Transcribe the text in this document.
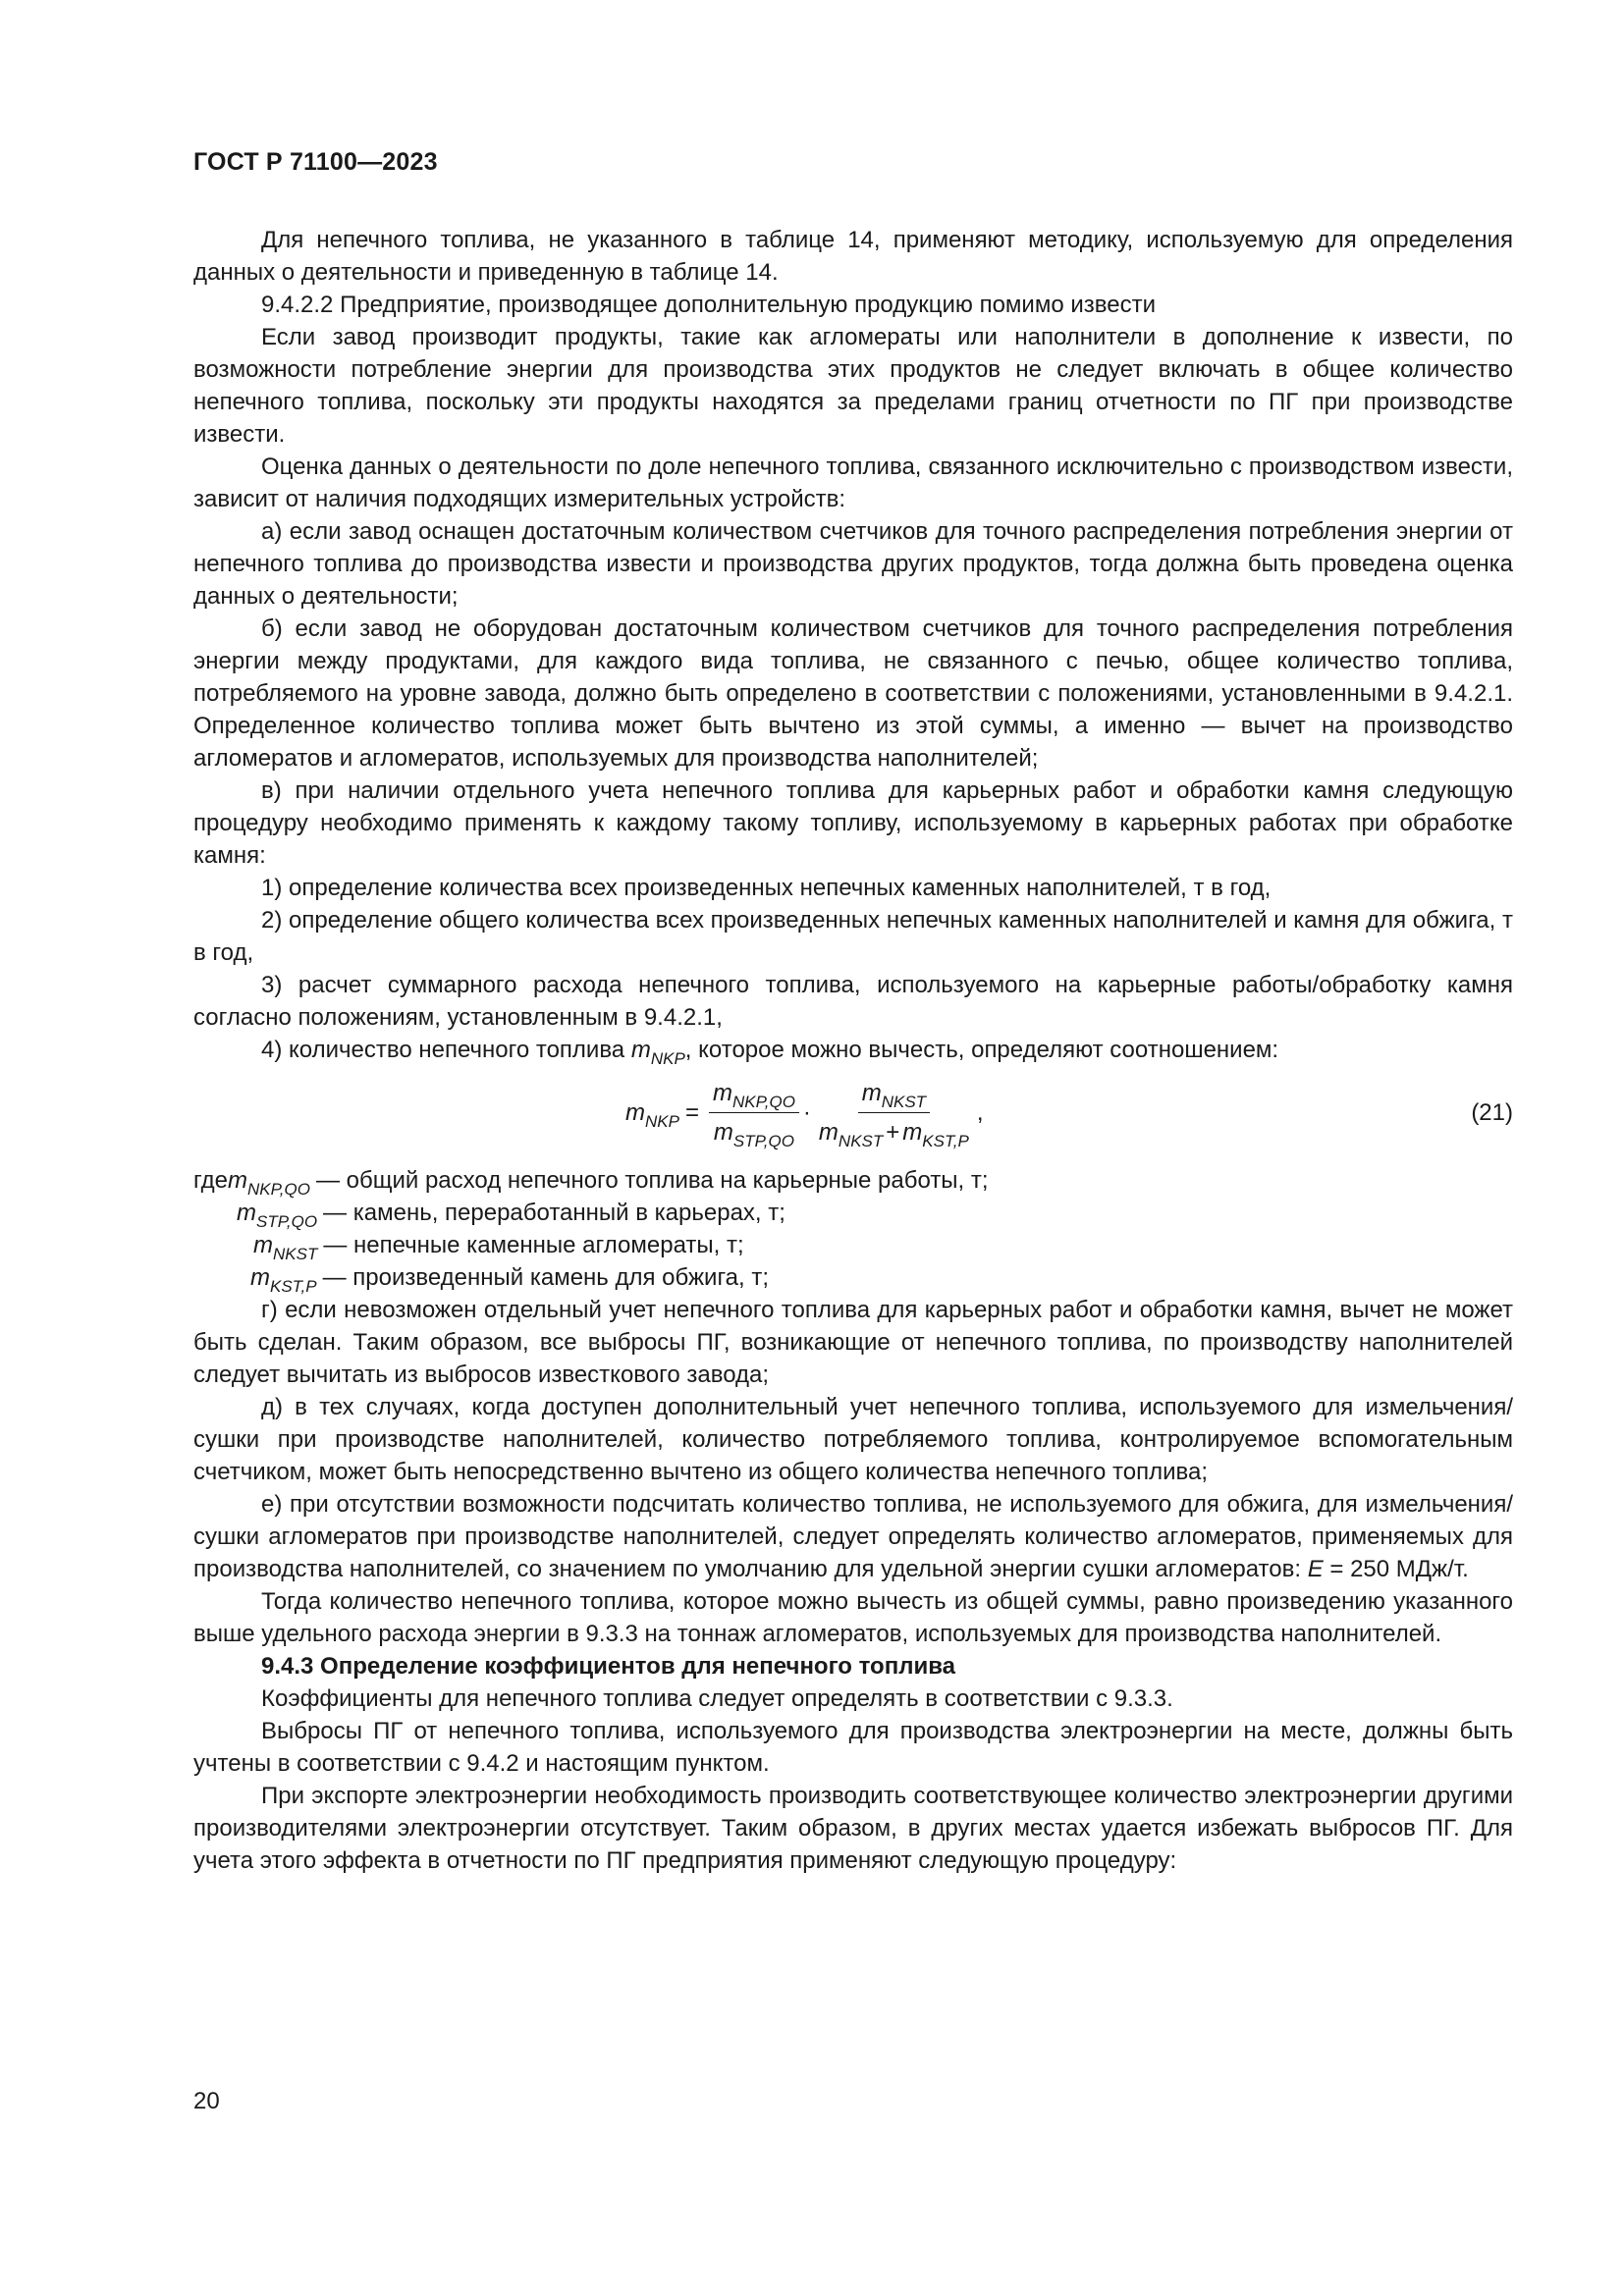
ГОСТ Р 71100—2023

Для непечного топлива, не указанного в таблице 14, применяют методику, используемую для определения данных о деятельности и приведенную в таблице 14.

9.4.2.2 Предприятие, производящее дополнительную продукцию помимо извести

Если завод производит продукты, такие как агломераты или наполнители в дополнение к извести, по возможности потребление энергии для производства этих продуктов не следует включать в общее количество непечного топлива, поскольку эти продукты находятся за пределами границ отчетности по ПГ при производстве извести.

Оценка данных о деятельности по доле непечного топлива, связанного исключительно с производством извести, зависит от наличия подходящих измерительных устройств:

а) если завод оснащен достаточным количеством счетчиков для точного распределения потребления энергии от непечного топлива до производства извести и производства других продуктов, тогда должна быть проведена оценка данных о деятельности;

б) если завод не оборудован достаточным количеством счетчиков для точного распределения потребления энергии между продуктами, для каждого вида топлива, не связанного с печью, общее количество топлива, потребляемого на уровне завода, должно быть определено в соответствии с положениями, установленными в 9.4.2.1. Определенное количество топлива может быть вычтено из этой суммы, а именно — вычет на производство агломератов и агломератов, используемых для производства наполнителей;

в) при наличии отдельного учета непечного топлива для карьерных работ и обработки камня следующую процедуру необходимо применять к каждому такому топливу, используемому в карьерных работах при обработке камня:

1) определение количества всех произведенных непечных каменных наполнителей, т в год,

2) определение общего количества всех произведенных непечных каменных наполнителей и камня для обжига, т в год,

3) расчет суммарного расхода непечного топлива, используемого на карьерные работы/обработку камня согласно положениям, установленным в 9.4.2.1,

4) количество непечного топлива $m_{NKP}$, которое можно вычесть, определяют соотношением:

$m_{NKP} = \frac{m_{NKP,QO}}{m_{STP,QO}} \cdot \frac{m_{NKST}}{m_{NKST} + m_{KST,P}}$ ,	(21)
где $m_{NKP,QO}$ — общий расход непечного топлива на карьерные работы, т;
$m_{STP,QO}$ — камень, переработанный в карьерах, т;
$m_{NKST}$ — непечные каменные агломераты, т;
$m_{KST,P}$ — произведенный камень для обжига, т;

г) если невозможен отдельный учет непечного топлива для карьерных работ и обработки камня, вычет не может быть сделан. Таким образом, все выбросы ПГ, возникающие от непечного топлива, по производству наполнителей следует вычитать из выбросов известкового завода;

д) в тех случаях, когда доступен дополнительный учет непечного топлива, используемого для измельчения/сушки при производстве наполнителей, количество потребляемого топлива, контролируемое вспомогательным счетчиком, может быть непосредственно вычтено из общего количества непечного топлива;

е) при отсутствии возможности подсчитать количество топлива, не используемого для обжига, для измельчения/сушки агломератов при производстве наполнителей, следует определять количество агломератов, применяемых для производства наполнителей, со значением по умолчанию для удельной энергии сушки агломератов: E = 250 МДж/т.

Тогда количество непечного топлива, которое можно вычесть из общей суммы, равно произведению указанного выше удельного расхода энергии в 9.3.3 на тоннаж агломератов, используемых для производства наполнителей.

9.4.3 Определение коэффициентов для непечного топлива

Коэффициенты для непечного топлива следует определять в соответствии с 9.3.3.

Выбросы ПГ от непечного топлива, используемого для производства электроэнергии на месте, должны быть учтены в соответствии с 9.4.2 и настоящим пунктом.

При экспорте электроэнергии необходимость производить соответствующее количество электроэнергии другими производителями электроэнергии отсутствует. Таким образом, в других местах удается избежать выбросов ПГ. Для учета этого эффекта в отчетности по ПГ предприятия применяют следующую процедуру:

20
